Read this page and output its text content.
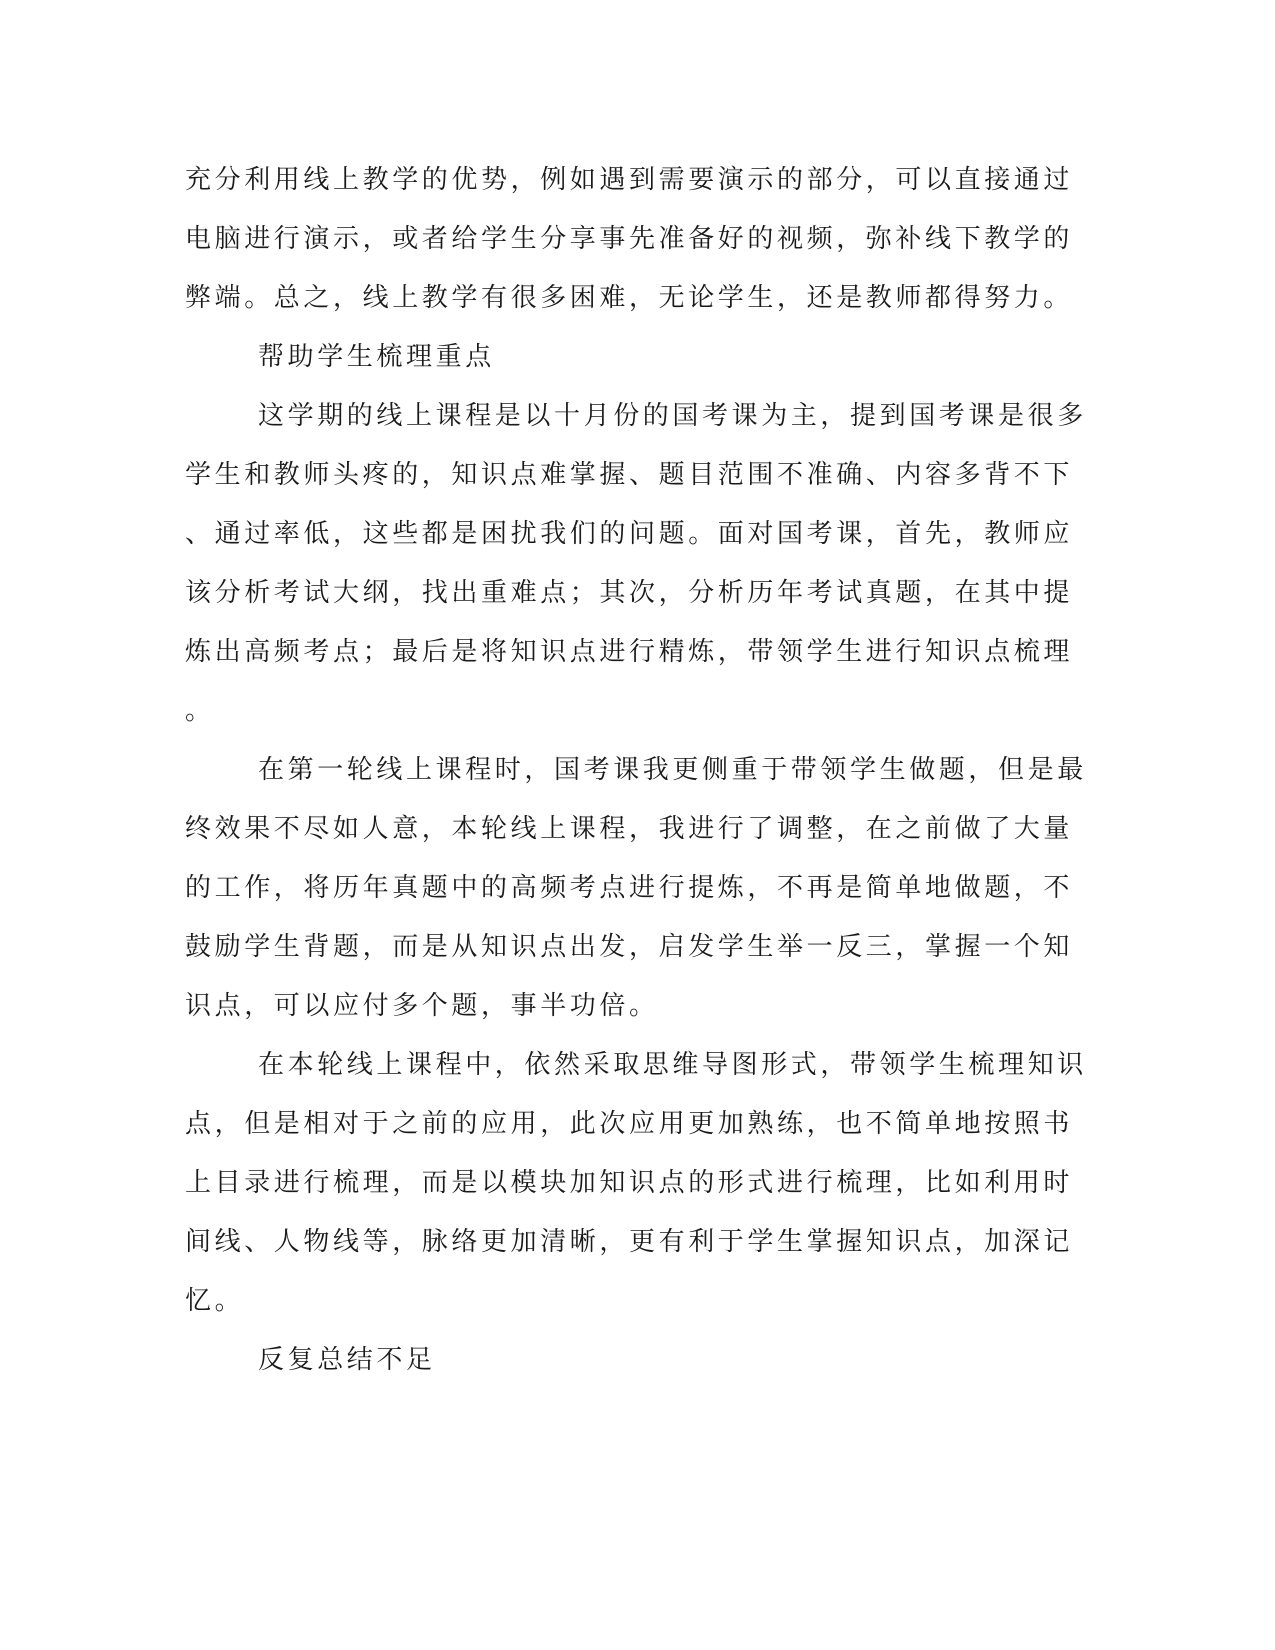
充分利用线上教学的优势，例如遇到需要演示的部分，可以直接通过
电脑进行演示，或者给学生分享事先准备好的视频，弥补线下教学的
弊端。总之，线上教学有很多困难，无论学生，还是教师都得努力。
帮助学生梳理重点
这学期的线上课程是以十月份的国考课为主，提到国考课是很多
学生和教师头疼的，知识点难掌握、题目范围不准确、内容多背不下
、通过率低，这些都是困扰我们的问题。面对国考课，首先，教师应
该分析考试大纲，找出重难点；其次，分析历年考试真题，在其中提
炼出高频考点；最后是将知识点进行精炼，带领学生进行知识点梳理
。
在第一轮线上课程时，国考课我更侧重于带领学生做题，但是最
终效果不尽如人意，本轮线上课程，我进行了调整，在之前做了大量
的工作，将历年真题中的高频考点进行提炼，不再是简单地做题，不
鼓励学生背题，而是从知识点出发，启发学生举一反三，掌握一个知
识点，可以应付多个题，事半功倍。
在本轮线上课程中，依然采取思维导图形式，带领学生梳理知识
点，但是相对于之前的应用，此次应用更加熟练，也不简单地按照书
上目录进行梳理，而是以模块加知识点的形式进行梳理，比如利用时
间线、人物线等，脉络更加清晰，更有利于学生掌握知识点，加深记
忆。
反复总结不足
